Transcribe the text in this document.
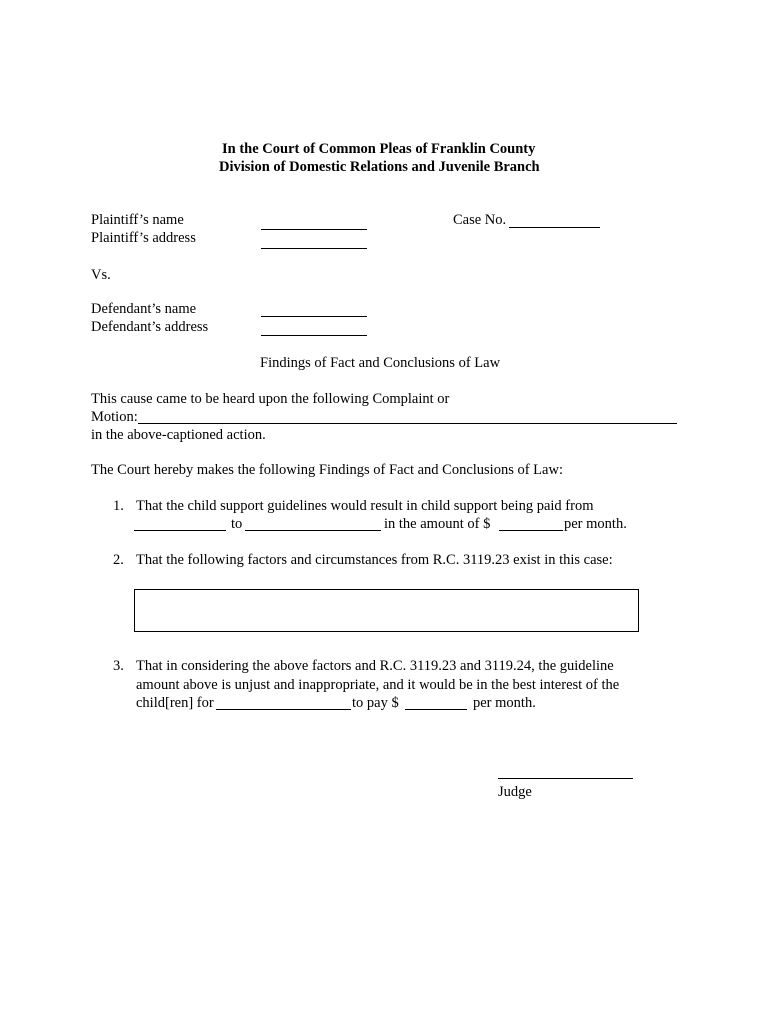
In the Court of Common Pleas of Franklin County
Division of Domestic Relations and Juvenile Branch
Plaintiff’s name
Plaintiff’s address
Case No.
Vs.
Defendant’s name
Defendant’s address
Findings of Fact and Conclusions of Law
This cause came to be heard upon the following Complaint or
Motion:
in the above-captioned action.
The Court hereby makes the following Findings of Fact and Conclusions of Law:
1. That the child support guidelines would result in child support being paid from
to	in the amount of $	per month.
2. That the following factors and circumstances from R.C. 3119.23 exist in this case:
3. That in considering the above factors and R.C. 3119.23 and 3119.24, the guideline
amount above is unjust and inappropriate, and it would be in the best interest of the
child[ren] for	to pay $	per month.
Judge
